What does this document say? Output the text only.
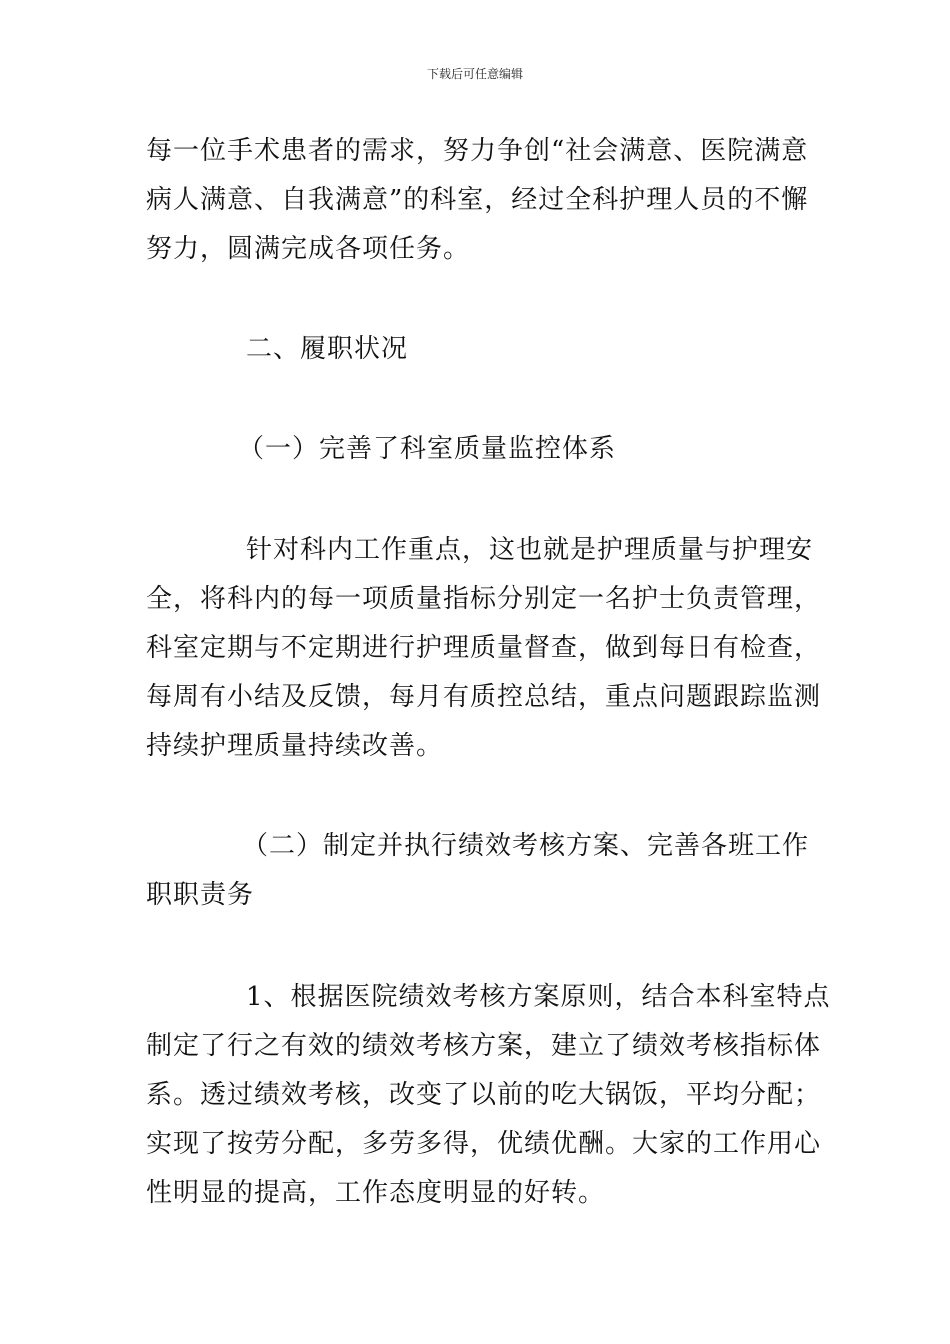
下载后可任意编辑
每一位手术患者的需求，努力争创“社会满意、医院满意
病人满意、自我满意”的科室，经过全科护理人员的不懈
努力，圆满完成各项任务。
二、履职状况
（一）完善了科室质量监控体系
针对科内工作重点，这也就是护理质量与护理安
全，将科内的每一项质量指标分别定一名护士负责管理，
科室定期与不定期进行护理质量督查，做到每日有检查，
每周有小结及反馈，每月有质控总结，重点问题跟踪监测
持续护理质量持续改善。
（二）制定并执行绩效考核方案、完善各班工作
职职责务
1、根据医院绩效考核方案原则，结合本科室特点
制定了行之有效的绩效考核方案，建立了绩效考核指标体
系。透过绩效考核，改变了以前的吃大锅饭，平均分配；
实现了按劳分配，多劳多得，优绩优酬。大家的工作用心
性明显的提高，工作态度明显的好转。
